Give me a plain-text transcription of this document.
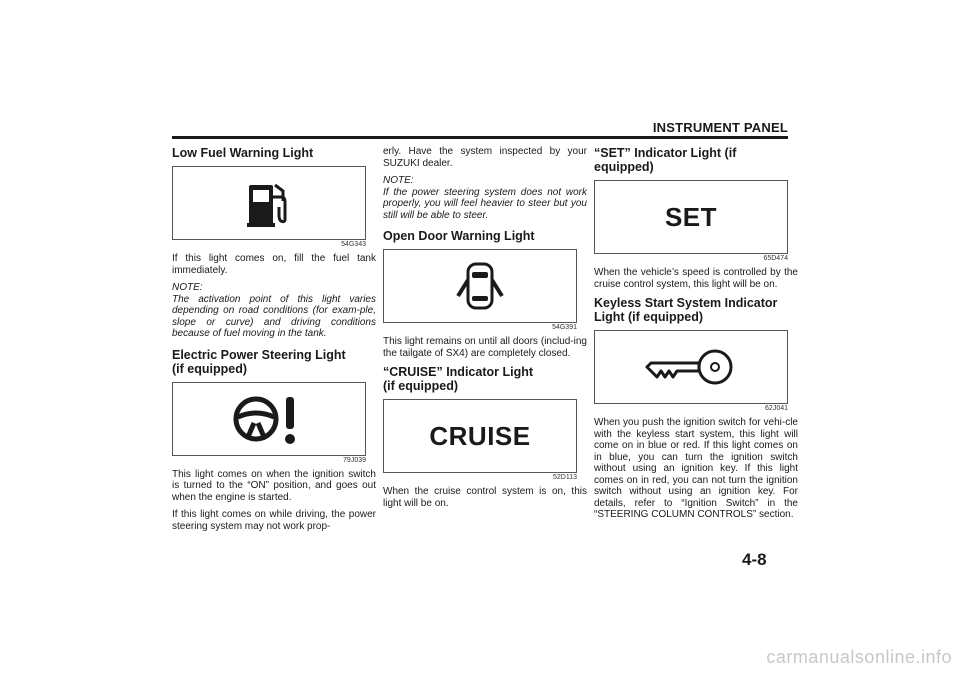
INSTRUMENT PANEL
Low Fuel Warning Light
54G343

If this light comes on, fill the fuel tank immediately.

NOTE:
The activation point of this light varies depending on road conditions (for exam-ple, slope or curve) and driving conditions because of fuel moving in the tank.

Electric Power Steering Light
(if equipped)
79J039

This light comes on when the ignition switch is turned to the “ON” position, and goes out when the engine is started.

If this light comes on while driving, the power steering system may not work prop-

erly. Have the system inspected by your SUZUKI dealer.

NOTE:
If the power steering system does not work properly, you will feel heavier to steer but you still will be able to steer.

Open Door Warning Light
54G391

This light remains on until all doors (includ-ing the tailgate of SX4) are completely closed.

“CRUISE” Indicator Light
(if equipped)
CRUISE
52D113

When the cruise control system is on, this light will be on.

“SET” Indicator Light (if equipped)
SET
65D474

When the vehicle’s speed is controlled by the cruise control system, this light will be on.

Keyless Start System Indicator
Light (if equipped)
62J041

When you push the ignition switch for vehi-cle with the keyless start system, this light will come on in blue or red. If this light comes on in blue, you can turn the ignition switch without using an ignition key. If this light comes on in red, you can not turn the ignition switch without using an ignition key. For details, refer to “Ignition Switch” in the “STEERING COLUMN CONTROLS” section.

4-8
carmanualsonline.info
